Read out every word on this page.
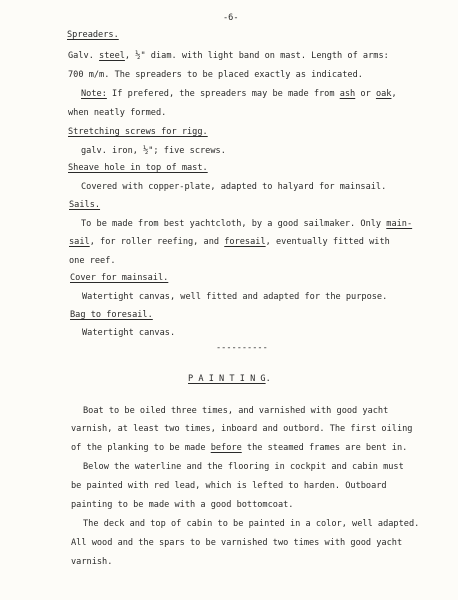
-6-
Spreaders.
Galv. steel, ½" diam. with light band on mast. Length of arms:
700 m/m. The spreaders to be placed exactly as indicated.
Note: If prefered, the spreaders may be made from ash or oak,
when neatly formed.
Stretching screws for rigg.
galv. iron, ½"; five screws.
Sheave hole in top of mast.
Covered with copper-plate, adapted to halyard for mainsail.
Sails.
To be made from best yachtcloth, by a good sailmaker. Only main-
sail, for roller reefing, and foresail, eventually fitted with
one reef.
Cover for mainsail.
Watertight canvas, well fitted and adapted for the purpose.
Bag to foresail.
Watertight canvas.
----------
P A I N T I N G.
Boat to be oiled three times, and varnished with good yacht
varnish, at least two times, inboard and outbord. The first oiling
of the planking to be made before the steamed frames are bent in.
Below the waterline and the flooring in cockpit and cabin must
be painted with red lead, which is lefted to harden. Outboard
painting to be made with a good bottomcoat.
The deck and top of cabin to be painted in a color, well adapted.
All wood and the spars to be varnished two times with good yacht
varnish.
